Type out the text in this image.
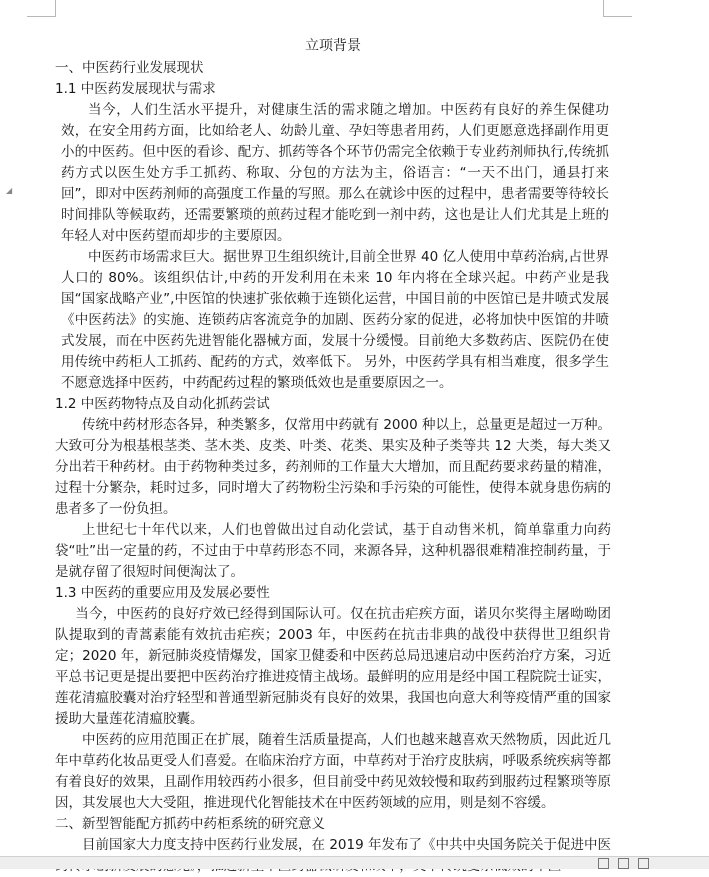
◢

立项背景

一、中医药行业发展现状

1.1 中医药发展现状与需求

当今，人们生活水平提升，对健康生活的需求随之增加。中医药有良好的养生保健功效，在安全用药方面，比如给老人、幼龄儿童、孕妇等患者用药，人们更愿意选择副作用更小的中医药。但中医的看诊、配方、抓药等各个环节仍需完全依赖于专业药剂师执行,传统抓药方式以医生处方手工抓药、称取、分包的方法为主，俗语言：“一天不出门，通县打来回”，即对中医药剂师的高强度工作量的写照。那么在就诊中医的过程中，患者需要等待较长时间排队等候取药，还需要繁琐的煎药过程才能吃到一剂中药，这也是让人们尤其是上班的年轻人对中医药望而却步的主要原因。

中医药市场需求巨大。据世界卫生组织统计,目前全世界 40 亿人使用中草药治病,占世界人口的 80%。该组织估计,中药的开发利用在未来 10 年内将在全球兴起。中药产业是我国“国家战略产业”,中医馆的快速扩张依赖于连锁化运营，中国目前的中医馆已是井喷式发展《中医药法》的实施、连锁药店客流竞争的加剧、医药分家的促进，必将加快中医馆的井喷式发展，而在中医药先进智能化器械方面，发展十分缓慢。目前绝大多数药店、医院仍在使用传统中药柜人工抓药、配药的方式，效率低下。 另外，中医药学具有相当难度，很多学生不愿意选择中医药，中药配药过程的繁琐低效也是重要原因之一。

1.2 中医药物特点及自动化抓药尝试

传统中药材形态各异，种类繁多，仅常用中药就有 2000 种以上，总量更是超过一万种。大致可分为根基根茎类、茎木类、皮类、叶类、花类、果实及种子类等共 12 大类，每大类又分出若干种药材。由于药物种类过多，药剂师的工作量大大增加，而且配药要求药量的精准，过程十分繁杂，耗时过多，同时增大了药物粉尘污染和手污染的可能性，使得本就身患伤病的患者多了一份负担。

上世纪七十年代以来，人们也曾做出过自动化尝试，基于自动售米机，简单靠重力向药袋“吐”出一定量的药，不过由于中草药形态不同，来源各异，这种机器很难精准控制药量，于是就存留了很短时间便淘汰了。

1.3 中医药的重要应用及发展必要性

当今，中医药的良好疗效已经得到国际认可。仅在抗击疟疾方面，诺贝尔奖得主屠呦呦团队提取到的青蒿素能有效抗击疟疾；2003 年，中医药在抗击非典的战役中获得世卫组织肯定；2020 年，新冠肺炎疫情爆发，国家卫健委和中医药总局迅速启动中医药治疗方案，习近平总书记更是提出要把中医药治疗推进疫情主战场。最鲜明的应用是经中国工程院院士证实，莲花清瘟胶囊对治疗轻型和普通型新冠肺炎有良好的效果，我国也向意大利等疫情严重的国家援助大量莲花清瘟胶囊。

中医药的应用范围正在扩展，随着生活质量提高，人们也越来越喜欢天然物质，因此近几年中草药化妆品更受人们喜爱。在临床治疗方面，中草药对于治疗皮肤病，呼吸系统疾病等都有着良好的效果，且副作用较西药小很多，但目前受中药见效较慢和取药到服药过程繁琐等原因，其发展也大大受阻，推进现代化智能技术在中医药领域的应用，则是刻不容缓。

二、新型智能配方抓药中药柜系统的研究意义

目前国家大力度支持中医药行业发展，在 2019 年发布了《中共中央国务院关于促进中医
